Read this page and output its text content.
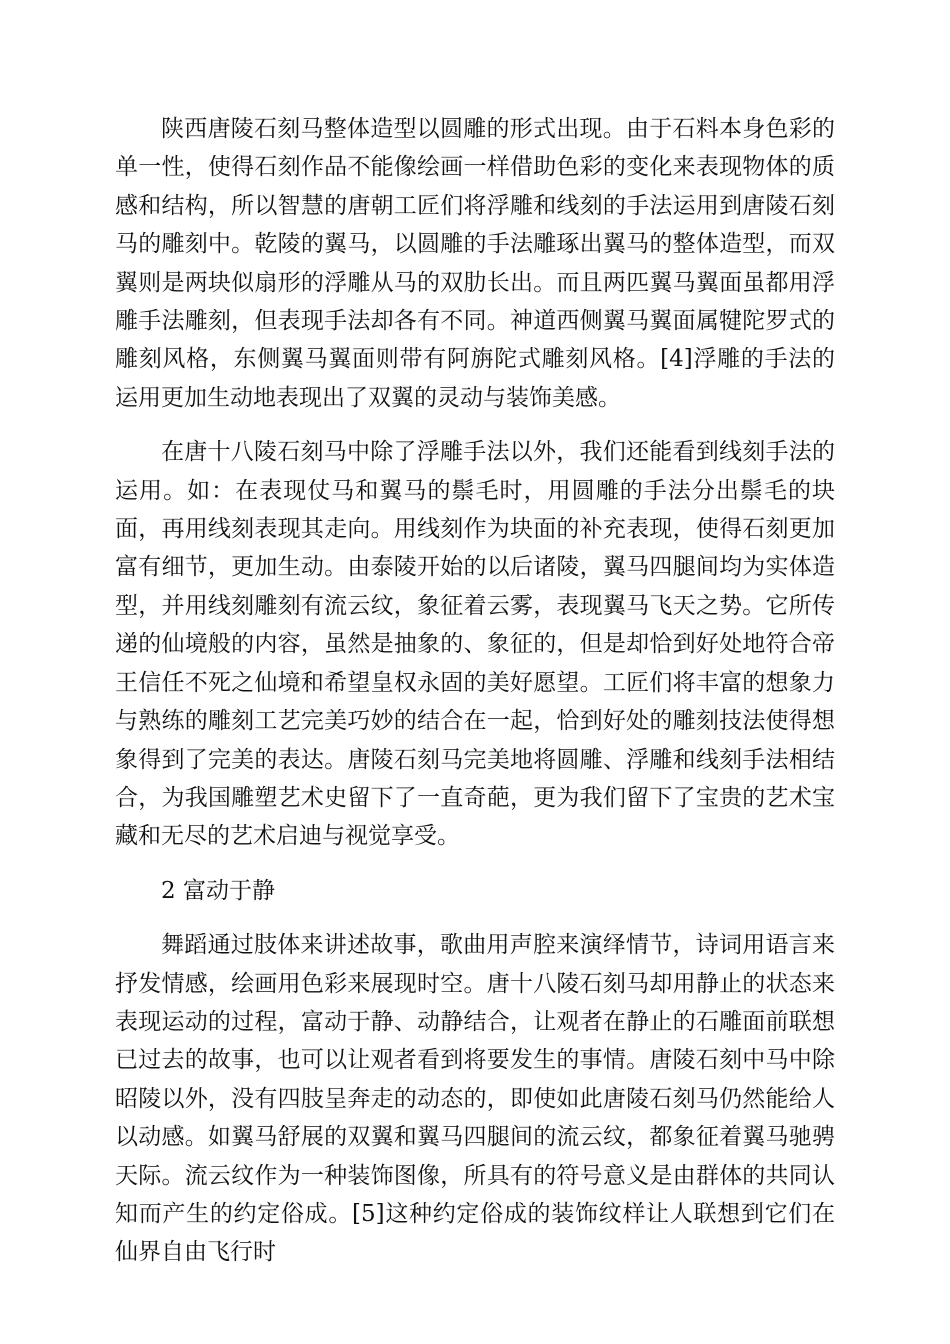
陕西唐陵石刻马整体造型以圆雕的形式出现。由于石料本身色彩的单一性，使得石刻作品不能像绘画一样借助色彩的变化来表现物体的质感和结构，所以智慧的唐朝工匠们将浮雕和线刻的手法运用到唐陵石刻马的雕刻中。乾陵的翼马，以圆雕的手法雕琢出翼马的整体造型，而双翼则是两块似扇形的浮雕从马的双肋长出。而且两匹翼马翼面虽都用浮雕手法雕刻，但表现手法却各有不同。神道西侧翼马翼面属犍陀罗式的雕刻风格，东侧翼马翼面则带有阿旃陀式雕刻风格。[4]浮雕的手法的运用更加生动地表现出了双翼的灵动与装饰美感。

在唐十八陵石刻马中除了浮雕手法以外，我们还能看到线刻手法的运用。如：在表现仗马和翼马的鬃毛时，用圆雕的手法分出鬃毛的块面，再用线刻表现其走向。用线刻作为块面的补充表现，使得石刻更加富有细节，更加生动。由泰陵开始的以后诸陵，翼马四腿间均为实体造型，并用线刻雕刻有流云纹，象征着云雾，表现翼马飞天之势。它所传递的仙境般的内容，虽然是抽象的、象征的，但是却恰到好处地符合帝王信任不死之仙境和希望皇权永固的美好愿望。工匠们将丰富的想象力与熟练的雕刻工艺完美巧妙的结合在一起，恰到好处的雕刻技法使得想象得到了完美的表达。唐陵石刻马完美地将圆雕、浮雕和线刻手法相结合，为我国雕塑艺术史留下了一直奇葩，更为我们留下了宝贵的艺术宝藏和无尽的艺术启迪与视觉享受。

2 富动于静

舞蹈通过肢体来讲述故事，歌曲用声腔来演绎情节，诗词用语言来抒发情感，绘画用色彩来展现时空。唐十八陵石刻马却用静止的状态来表现运动的过程，富动于静、动静结合，让观者在静止的石雕面前联想已过去的故事，也可以让观者看到将要发生的事情。唐陵石刻中马中除昭陵以外，没有四肢呈奔走的动态的，即使如此唐陵石刻马仍然能给人以动感。如翼马舒展的双翼和翼马四腿间的流云纹，都象征着翼马驰骋天际。流云纹作为一种装饰图像，所具有的符号意义是由群体的共同认知而产生的约定俗成。[5]这种约定俗成的装饰纹样让人联想到它们在仙界自由飞行时
